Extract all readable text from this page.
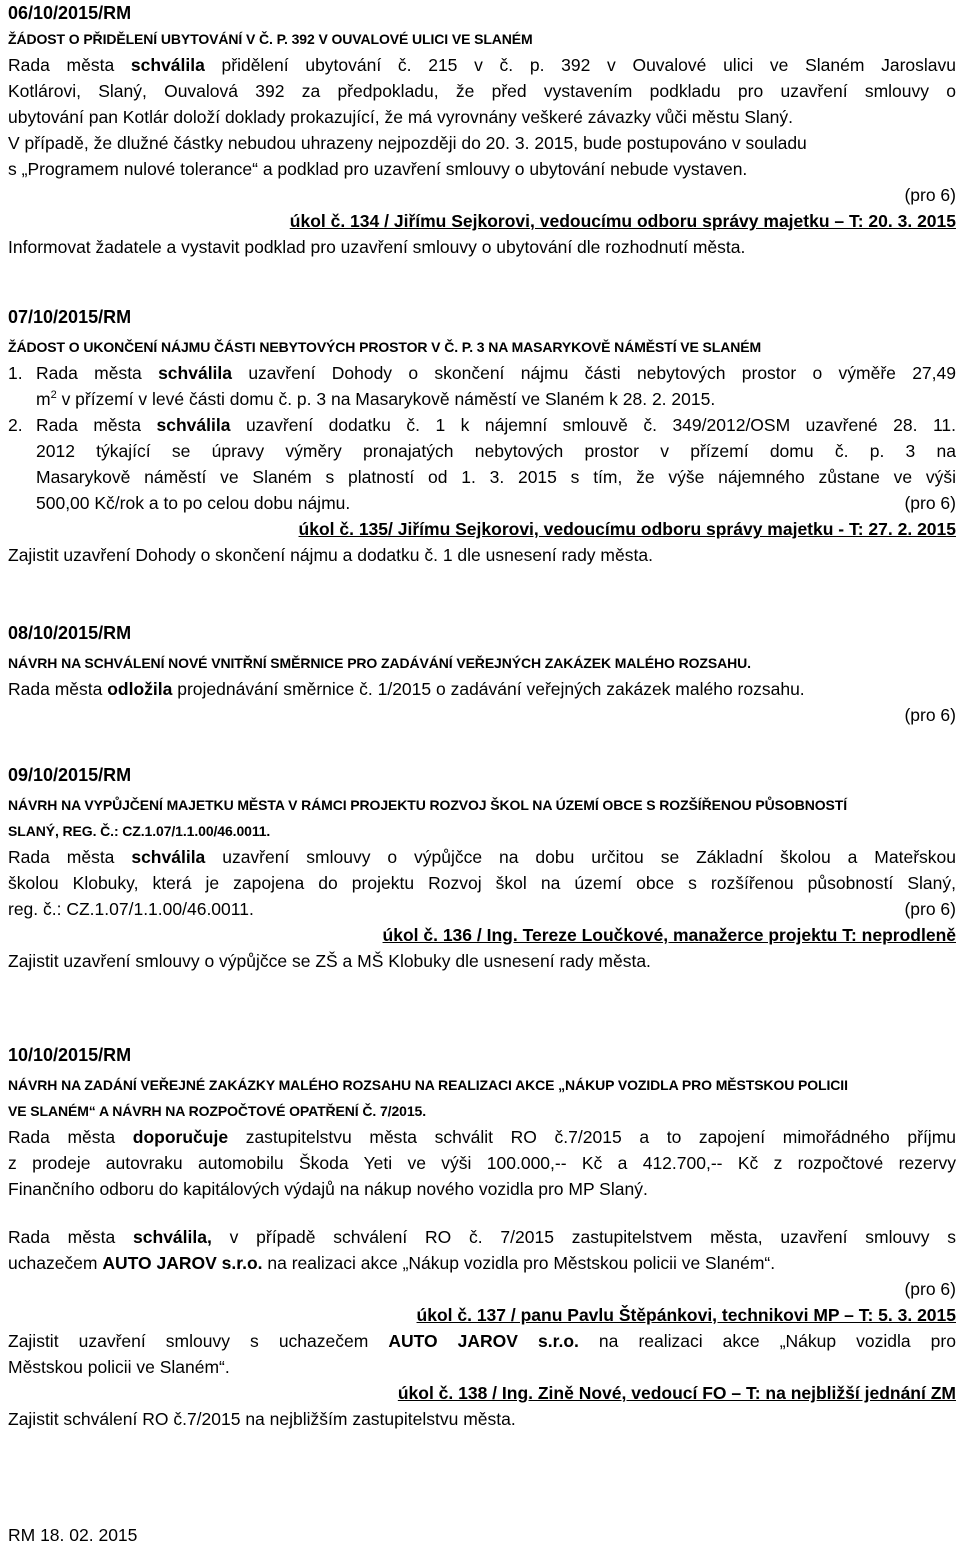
06/10/2015/RM
ŽÁDOST O PŘIDĚLENÍ UBYTOVÁNÍ V Č. P. 392 V OUVALOVÉ ULICI VE SLANÉM
Rada města schválila přidělení ubytování č. 215 v č. p. 392 v Ouvalové ulici ve Slaném Jaroslavu
Kotlárovi, Slaný, Ouvalová 392 za předpokladu, že před vystavením podkladu pro uzavření smlouvy o
ubytování pan Kotlár doloží doklady prokazující, že má vyrovnány veškeré závazky vůči městu Slaný.
V případě, že dlužné částky nebudou uhrazeny nejpozději do 20. 3. 2015, bude postupováno v souladu
s „Programem nulové tolerance“ a podklad pro uzavření smlouvy o ubytování nebude vystaven.
(pro 6)
úkol č. 134 / Jiřímu Sejkorovi, vedoucímu odboru správy majetku – T: 20. 3. 2015
Informovat žadatele a vystavit podklad pro uzavření smlouvy o ubytování dle rozhodnutí města.
07/10/2015/RM
ŽÁDOST O UKONČENÍ NÁJMU ČÁSTI NEBYTOVÝCH PROSTOR V Č. P. 3 NA MASARYKOVĚ NÁMĚSTÍ VE SLANÉM
1. Rada města schválila uzavření Dohody o skončení nájmu části nebytových prostor o výměře 27,49
$m^2$ v přízemí v levé části domu č. p. 3 na Masarykově náměstí ve Slaném k 28. 2. 2015.
2. Rada města schválila uzavření dodatku č. 1 k nájemní smlouvě č. 349/2012/OSM uzavřené 28. 11.
2012 týkající se úpravy výměry pronajatých nebytových prostor v přízemí domu č. p. 3 na
Masarykově náměstí ve Slaném s platností od 1. 3. 2015 s tím, že výše nájemného zůstane ve výši
500,00 Kč/rok a to po celou dobu nájmu.	(pro 6)
úkol č. 135/ Jiřímu Sejkorovi, vedoucímu odboru správy majetku - T: 27. 2. 2015
Zajistit uzavření Dohody o skončení nájmu a dodatku č. 1 dle usnesení rady města.
08/10/2015/RM
NÁVRH NA SCHVÁLENÍ NOVÉ VNITŘNÍ SMĚRNICE PRO ZADÁVÁNÍ VEŘEJNÝCH ZAKÁZEK MALÉHO ROZSAHU.
Rada města odložila projednávání směrnice č. 1/2015 o zadávání veřejných zakázek malého rozsahu.
(pro 6)
09/10/2015/RM
NÁVRH NA VYPŮJČENÍ MAJETKU MĚSTA V RÁMCI PROJEKTU ROZVOJ ŠKOL NA ÚZEMÍ OBCE S ROZŠÍŘENOU PŮSOBNOSTÍ
SLANÝ, REG. Č.: CZ.1.07/1.1.00/46.0011.
Rada města schválila uzavření smlouvy o výpůjčce na dobu určitou se Základní školou a Mateřskou
školou Klobuky, která je zapojena do projektu Rozvoj škol na území obce s rozšířenou působností Slaný,
reg. č.: CZ.1.07/1.1.00/46.0011.	(pro 6)
úkol č. 136 / Ing. Tereze Loučkové, manažerce projektu T: neprodleně
Zajistit uzavření smlouvy o výpůjčce se ZŠ a MŠ Klobuky dle usnesení rady města.
10/10/2015/RM
NÁVRH NA ZADÁNÍ VEŘEJNÉ ZAKÁZKY MALÉHO ROZSAHU NA REALIZACI AKCE „NÁKUP VOZIDLA PRO MĚSTSKOU POLICII
VE SLANÉM“ A NÁVRH NA ROZPOČTOVÉ OPATŘENÍ Č. 7/2015.
Rada města doporučuje zastupitelstvu města schválit RO č.7/2015 a to zapojení mimořádného příjmu
z prodeje autovraku automobilu Škoda Yeti ve výši 100.000,-- Kč a 412.700,-- Kč z rozpočtové rezervy
Finančního odboru do kapitálových výdajů na nákup nového vozidla pro MP Slaný.
Rada města schválila, v případě schválení RO č. 7/2015 zastupitelstvem města, uzavření smlouvy s
uchazečem AUTO JAROV s.r.o. na realizaci akce „Nákup vozidla pro Městskou policii ve Slaném“.
(pro 6)
úkol č. 137 / panu Pavlu Štěpánkovi, technikovi MP – T: 5. 3. 2015
Zajistit uzavření smlouvy s uchazečem AUTO JAROV s.r.o. na realizaci akce „Nákup vozidla pro
Městskou policii ve Slaném“.
úkol č. 138 / Ing. Zině Nové, vedoucí FO – T: na nejbližší jednání ZM
Zajistit schválení RO č.7/2015 na nejbližším zastupitelstvu města.
RM 18. 02. 2015
